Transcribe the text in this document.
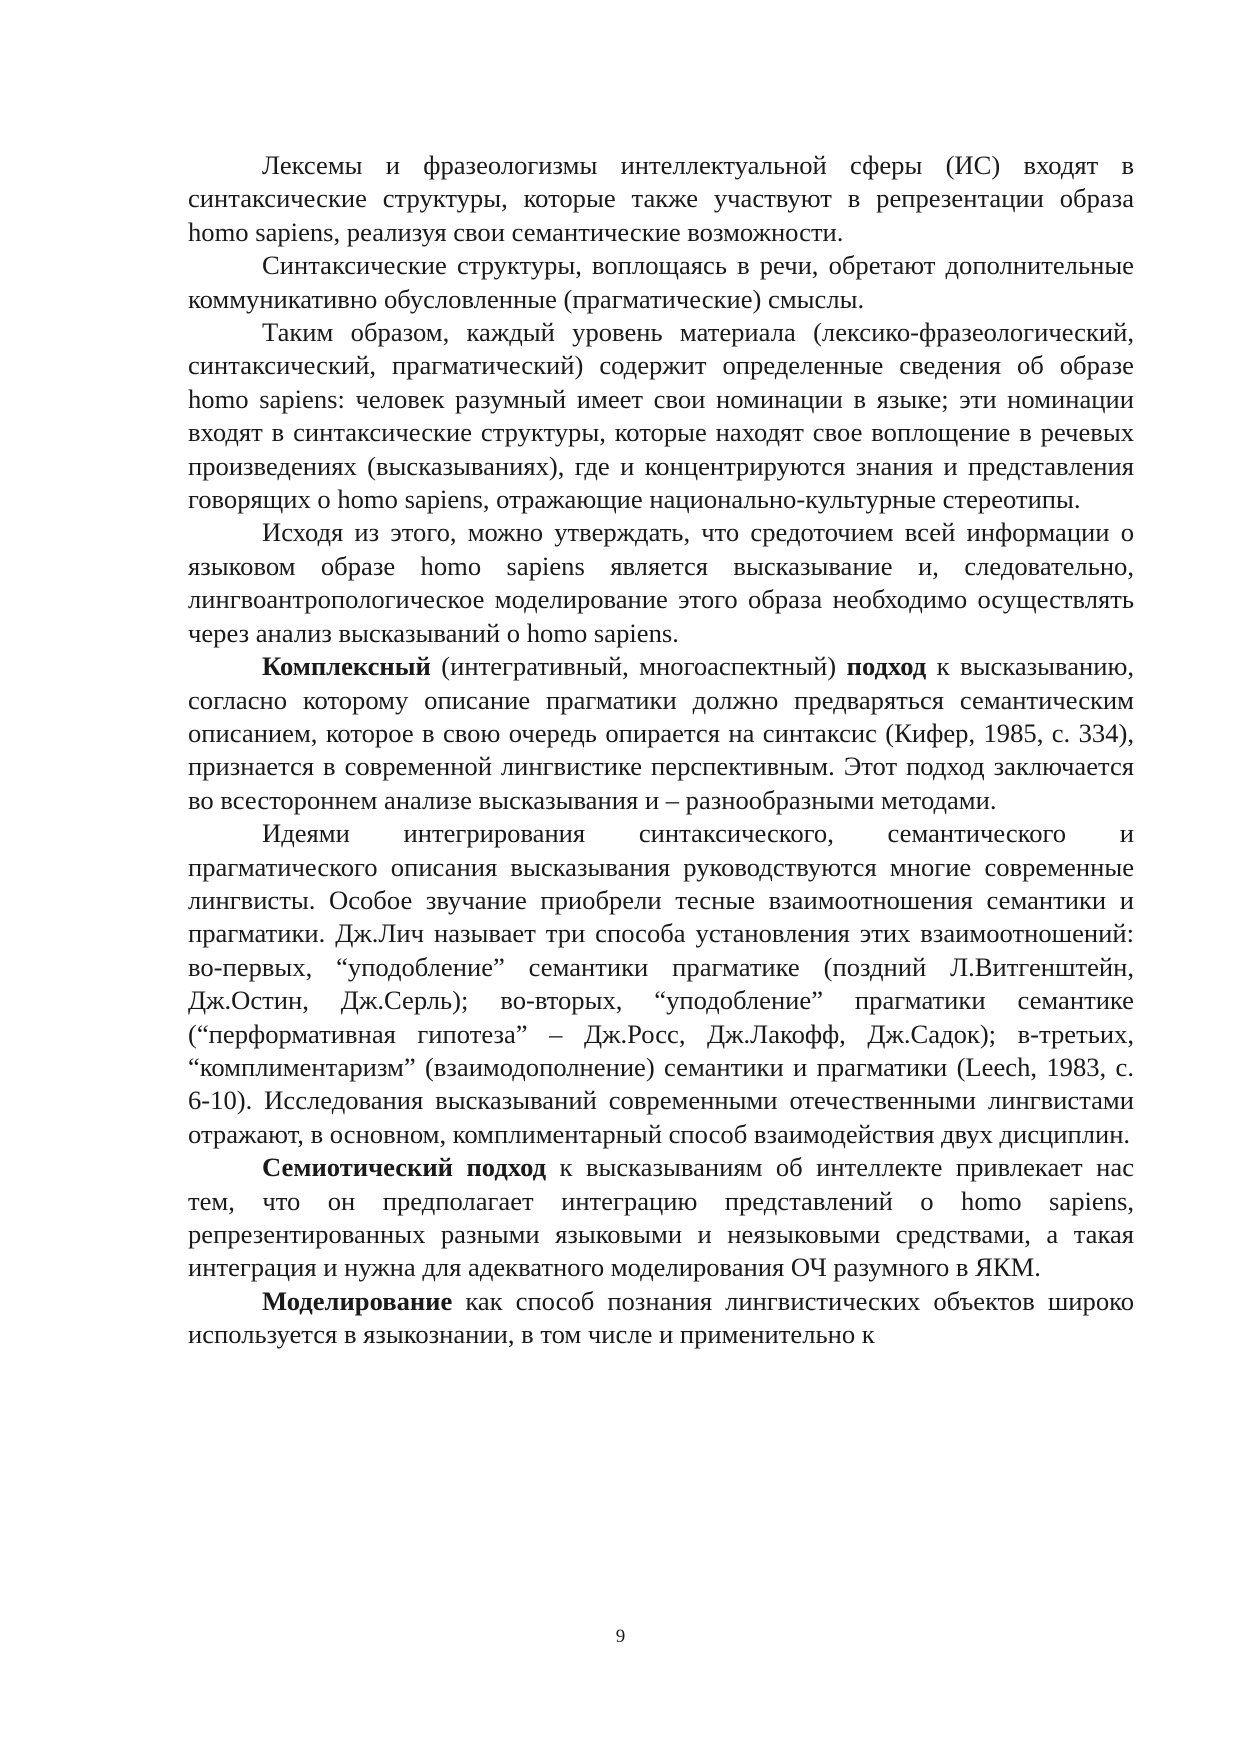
Лексемы и фразеологизмы интеллектуальной сферы (ИС) входят в синтаксические структуры, которые также участвуют в репрезентации образа homo sapiens, реализуя свои семантические возможности.

Синтаксические структуры, воплощаясь в речи, обретают дополнительные коммуникативно обусловленные (прагматические) смыслы.

Таким образом, каждый уровень материала (лексико-фразеологический, синтаксический, прагматический) содержит определенные сведения об образе homo sapiens: человек разумный имеет свои номинации в языке; эти номинации входят в синтаксические структуры, которые находят свое воплощение в речевых произведениях (высказываниях), где и концентрируются знания и представления говорящих о homo sapiens, отражающие национально-культурные стереотипы.

Исходя из этого, можно утверждать, что средоточием всей информации о языковом образе homo sapiens является высказывание и, следовательно, лингвоантропологическое моделирование этого образа необходимо осуществлять через анализ высказываний о homo sapiens.

Комплексный (интегративный, многоаспектный) подход к высказыванию, согласно которому описание прагматики должно предваряться семантическим описанием, которое в свою очередь опирается на синтаксис (Кифер, 1985, с. 334), признается в современной лингвистике перспективным. Этот подход заключается во всестороннем анализе высказывания и – разнообразными методами.

Идеями интегрирования синтаксического, семантического и прагматического описания высказывания руководствуются многие современные лингвисты. Особое звучание приобрели тесные взаимоотношения семантики и прагматики. Дж.Лич называет три способа установления этих взаимоотношений: во-первых, “уподобление” семантики прагматике (поздний Л.Витгенштейн, Дж.Остин, Дж.Серль); во-вторых, “уподобление” прагматики семантике (“перформативная гипотеза” – Дж.Росс, Дж.Лакофф, Дж.Садок); в-третьих, “комплиментаризм” (взаимодополнение) семантики и прагматики (Leech, 1983, с. 6-10). Исследования высказываний современными отечественными лингвистами отражают, в основном, комплиментарный способ взаимодействия двух дисциплин.

Семиотический подход к высказываниям об интеллекте привлекает нас тем, что он предполагает интеграцию представлений о homo sapiens, репрезентированных разными языковыми и неязыковыми средствами, а такая интеграция и нужна для адекватного моделирования ОЧ разумного в ЯКМ.

Моделирование как способ познания лингвистических объектов широко используется в языкознании, в том числе и применительно к

9
